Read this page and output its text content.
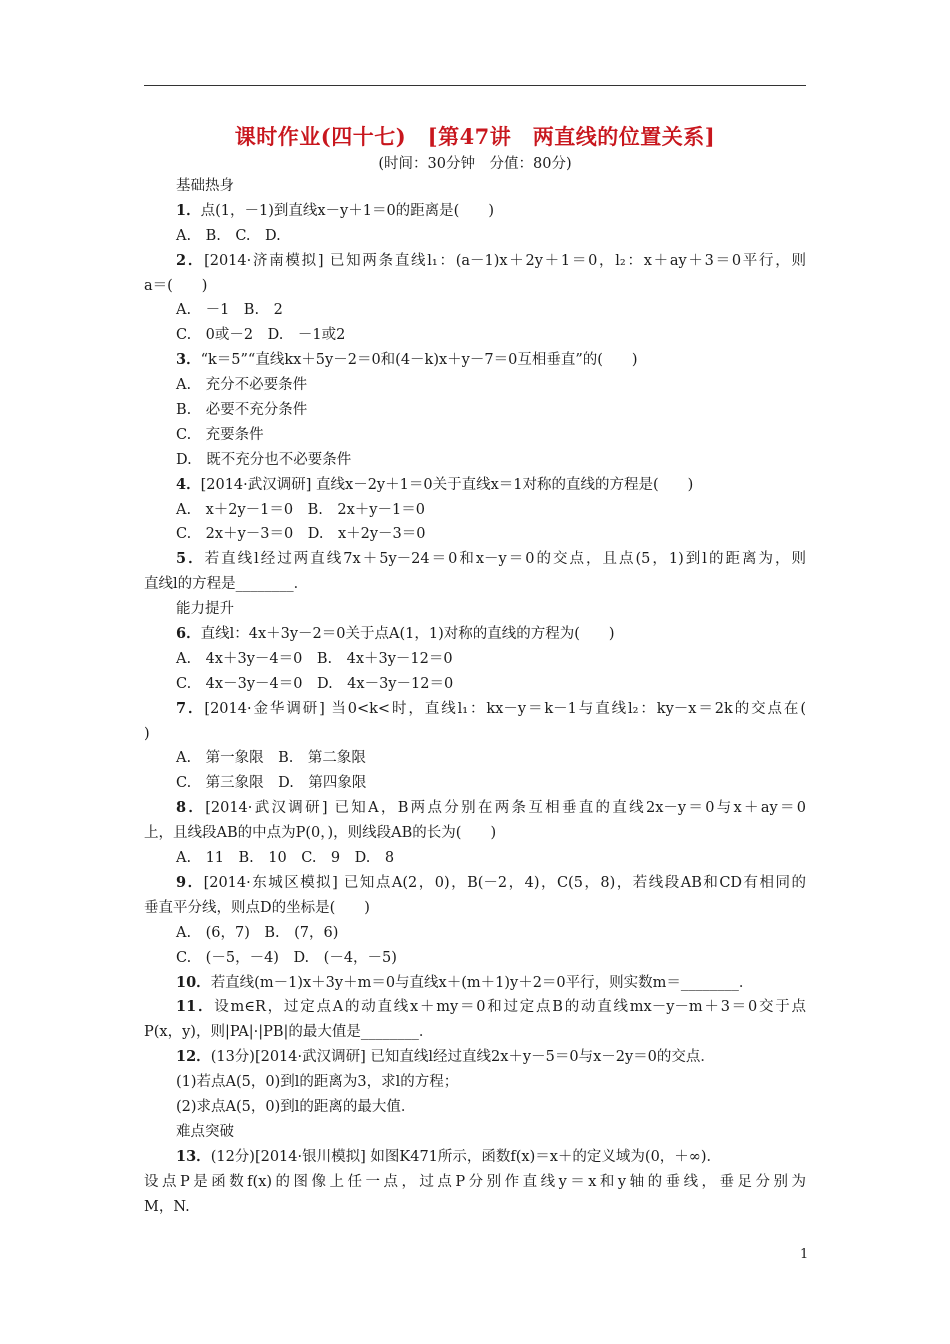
课时作业(四十七)　[第47讲　两直线的位置关系]
(时间：30分钟　分值：80分)
基础热身
1．点(1，－1)到直线x－y＋1＝0的距离是(　　)
A.　B.　C.　D.
2．[2014·济南模拟] 已知两条直线l₁：(a－1)x＋2y＋1＝0，l₂：x＋ay＋3＝0平行，则
a＝(　　)
A.　－1　B.　2
C.　0或－2　D.　－1或2
3．“k＝5”“直线kx＋5y－2＝0和(4－k)x＋y－7＝0互相垂直”的(　　)
A.　充分不必要条件
B.　必要不充分条件
C.　充要条件
D.　既不充分也不必要条件
4．[2014·武汉调研] 直线x－2y＋1＝0关于直线x＝1对称的直线的方程是(　　)
A.　x＋2y－1＝0　B.　2x＋y－1＝0
C.　2x＋y－3＝0　D.　x＋2y－3＝0
5．若直线l经过两直线7x＋5y－24＝0和x－y＝0的交点，且点(5，1)到l的距离为，则
直线l的方程是________．
能力提升
6．直线l：4x＋3y－2＝0关于点A(1，1)对称的直线的方程为(　　)
A.　4x＋3y－4＝0　B.　4x＋3y－12＝0
C.　4x－3y－4＝0　D.　4x－3y－12＝0
7．[2014·金华调研] 当0<k<时，直线l₁：kx－y＝k－1与直线l₂：ky－x＝2k的交点在(
)
A.　第一象限　B.　第二象限
C.　第三象限　D.　第四象限
8．[2014·武汉调研] 已知A，B两点分别在两条互相垂直的直线2x－y＝0与x＋ay＝0
上，且线段AB的中点为P(0，)，则线段AB的长为(　　)
A.　11　B.　10　C.　9　D.　8
9．[2014·东城区模拟] 已知点A(2，0)，B(－2，4)，C(5，8)，若线段AB和CD有相同的
垂直平分线，则点D的坐标是(　　)
A.　(6，7)　B.　(7，6)
C.　(－5，－4)　D.　(－4，－5)
10．若直线(m－1)x＋3y＋m＝0与直线x＋(m＋1)y＋2＝0平行，则实数m＝________．
11．设m∈R，过定点A的动直线x＋my＝0和过定点B的动直线mx－y－m＋3＝0交于点
P(x，y)，则|PA|·|PB|的最大值是________．
12．(13分)[2014·武汉调研] 已知直线l经过直线2x＋y－5＝0与x－2y＝0的交点．
(1)若点A(5，0)到l的距离为3，求l的方程；
(2)求点A(5，0)到l的距离的最大值．
难点突破
13．(12分)[2014·银川模拟] 如图K471所示，函数f(x)＝x＋的定义域为(0，＋∞)．
设点P是函数f(x)的图像上任一点，过点P分别作直线y＝x和y轴的垂线，垂足分别为
M，N.
1
